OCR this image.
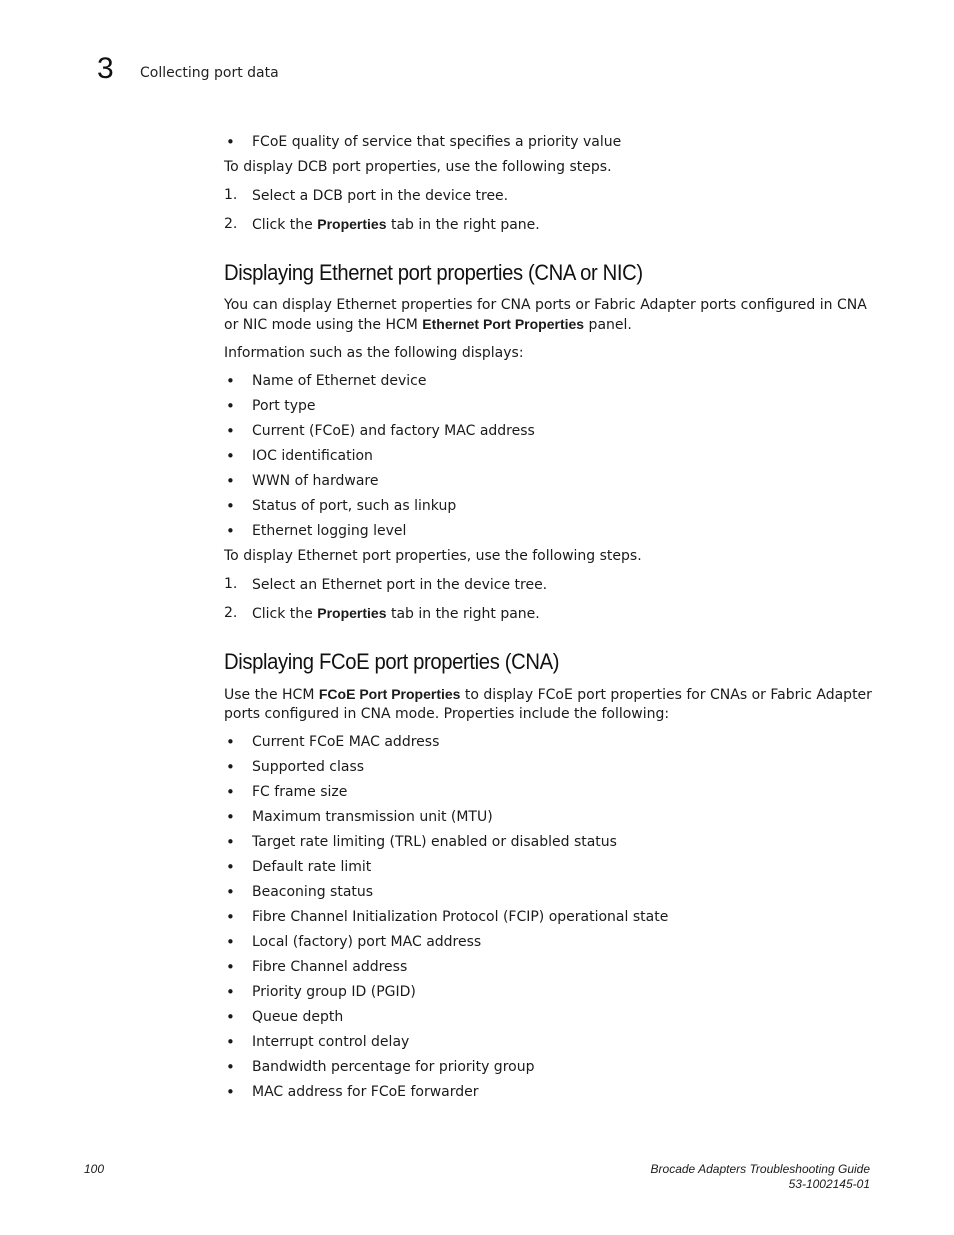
3 Collecting port data
• FCoE quality of service that specifies a priority value

To display DCB port properties, use the following steps.

1. Select a DCB port in the device tree.
2. Click the Properties tab in the right pane.
Displaying Ethernet port properties (CNA or NIC)

You can display Ethernet properties for CNA ports or Fabric Adapter ports configured in CNA or NIC mode using the HCM Ethernet Port Properties panel.

Information such as the following displays:

• Name of Ethernet device
• Port type
• Current (FCoE) and factory MAC address
• IOC identification
• WWN of hardware
• Status of port, such as linkup
• Ethernet logging level

To display Ethernet port properties, use the following steps.

1. Select an Ethernet port in the device tree.
2. Click the Properties tab in the right pane.
Displaying FCoE port properties (CNA)

Use the HCM FCoE Port Properties to display FCoE port properties for CNAs or Fabric Adapter ports configured in CNA mode. Properties include the following:

• Current FCoE MAC address
• Supported class
• FC frame size
• Maximum transmission unit (MTU)
• Target rate limiting (TRL) enabled or disabled status
• Default rate limit
• Beaconing status
• Fibre Channel Initialization Protocol (FCIP) operational state
• Local (factory) port MAC address
• Fibre Channel address
• Priority group ID (PGID)
• Queue depth
• Interrupt control delay
• Bandwidth percentage for priority group
• MAC address for FCoE forwarder
100	Brocade Adapters Troubleshooting Guide
53-1002145-01
